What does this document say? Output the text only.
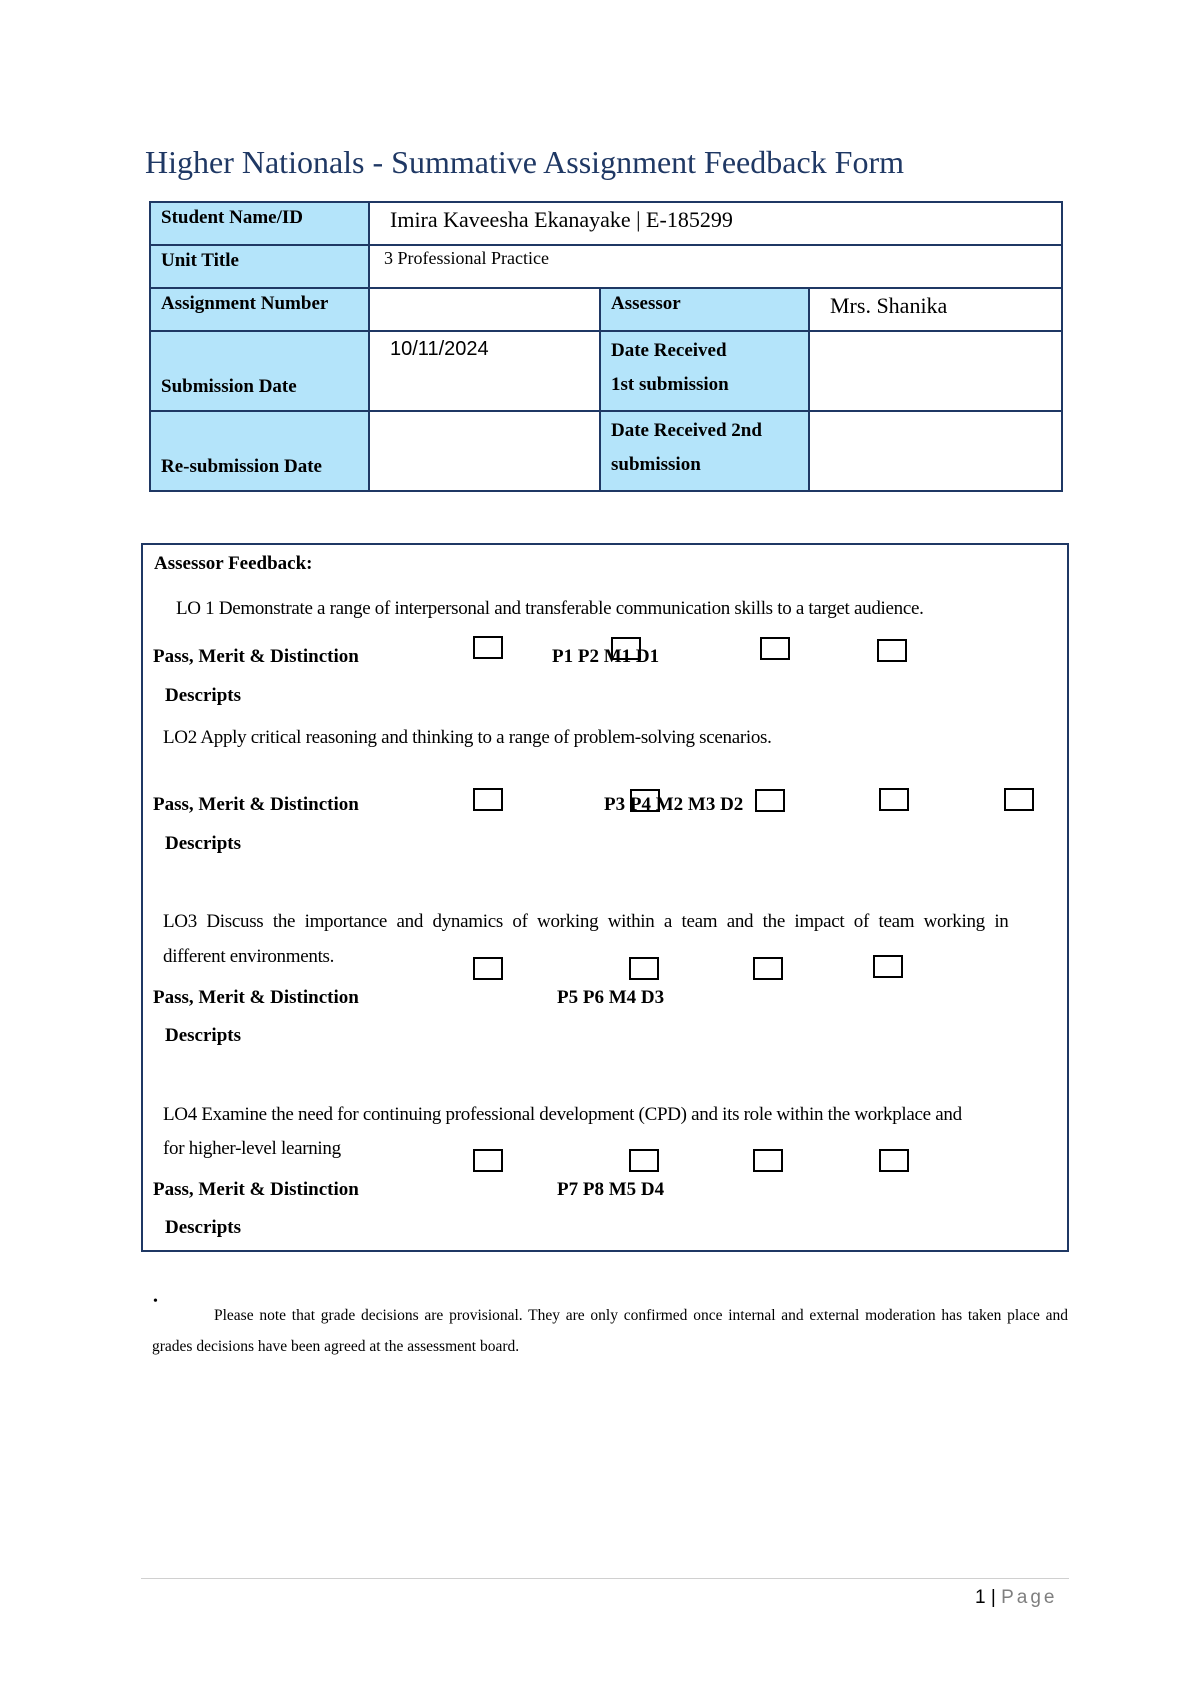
Higher Nationals - Summative Assignment Feedback Form
Student Name/ID	Imira Kaveesha Ekanayake | E-185299		

Unit Title	3 Professional Practice		

Assignment Number		Assessor	Mrs. Shanika

Submission Date	10/11/2024	Date Received
1st submission	

Re-submission Date		Date Received 2nd
submission	

Assessor Feedback:
LO 1 Demonstrate a range of interpersonal and transferable communication skills to a target audience.
Pass, Merit & Distinction	P1 P2 M1 D1
Descripts
LO2 Apply critical reasoning and thinking to a range of problem-solving scenarios.
Pass, Merit & Distinction	P3 P4 M2 M3 D2
Descripts
LO3 Discuss the importance and dynamics of working within a team and the impact of team working in
different environments.
Pass, Merit & Distinction	P5 P6 M4 D3
Descripts
LO4 Examine the need for continuing professional development (CPD) and its role within the workplace and
for higher-level learning
Pass, Merit & Distinction	P7 P8 M5 D4
Descripts
•
Please note that grade decisions are provisional. They are only confirmed once internal and external moderation has taken place and grades decisions have been agreed at the assessment board.
1 | Page
